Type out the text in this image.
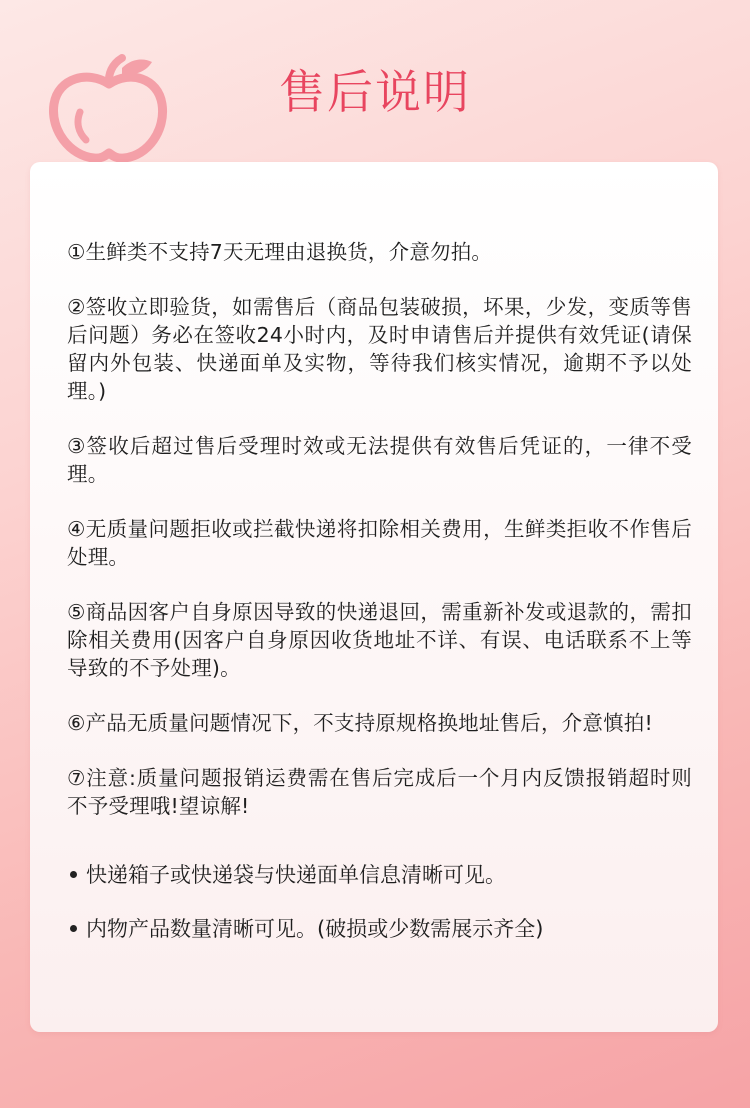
售后说明

①生鲜类不支持7天无理由退换货，介意勿拍。

②签收立即验货，如需售后（商品包装破损，坏果，少发，变质等售后问题）务必在签收24小时内，及时申请售后并提供有效凭证(请保留内外包装、快递面单及实物，等待我们核实情况，逾期不予以处理。)

③签收后超过售后受理时效或无法提供有效售后凭证的，一律不受理。

④无质量问题拒收或拦截快递将扣除相关费用，生鲜类拒收不作售后处理。

⑤商品因客户自身原因导致的快递退回，需重新补发或退款的，需扣除相关费用(因客户自身原因收货地址不详、有误、电话联系不上等导致的不予处理)。

⑥产品无质量问题情况下，不支持原规格换地址售后，介意慎拍!

⑦注意:质量问题报销运费需在售后完成后一个月内反馈报销超时则不予受理哦!望谅解!

快递箱子或快递袋与快递面单信息清晰可见。
内物产品数量清晰可见。(破损或少数需展示齐全)
